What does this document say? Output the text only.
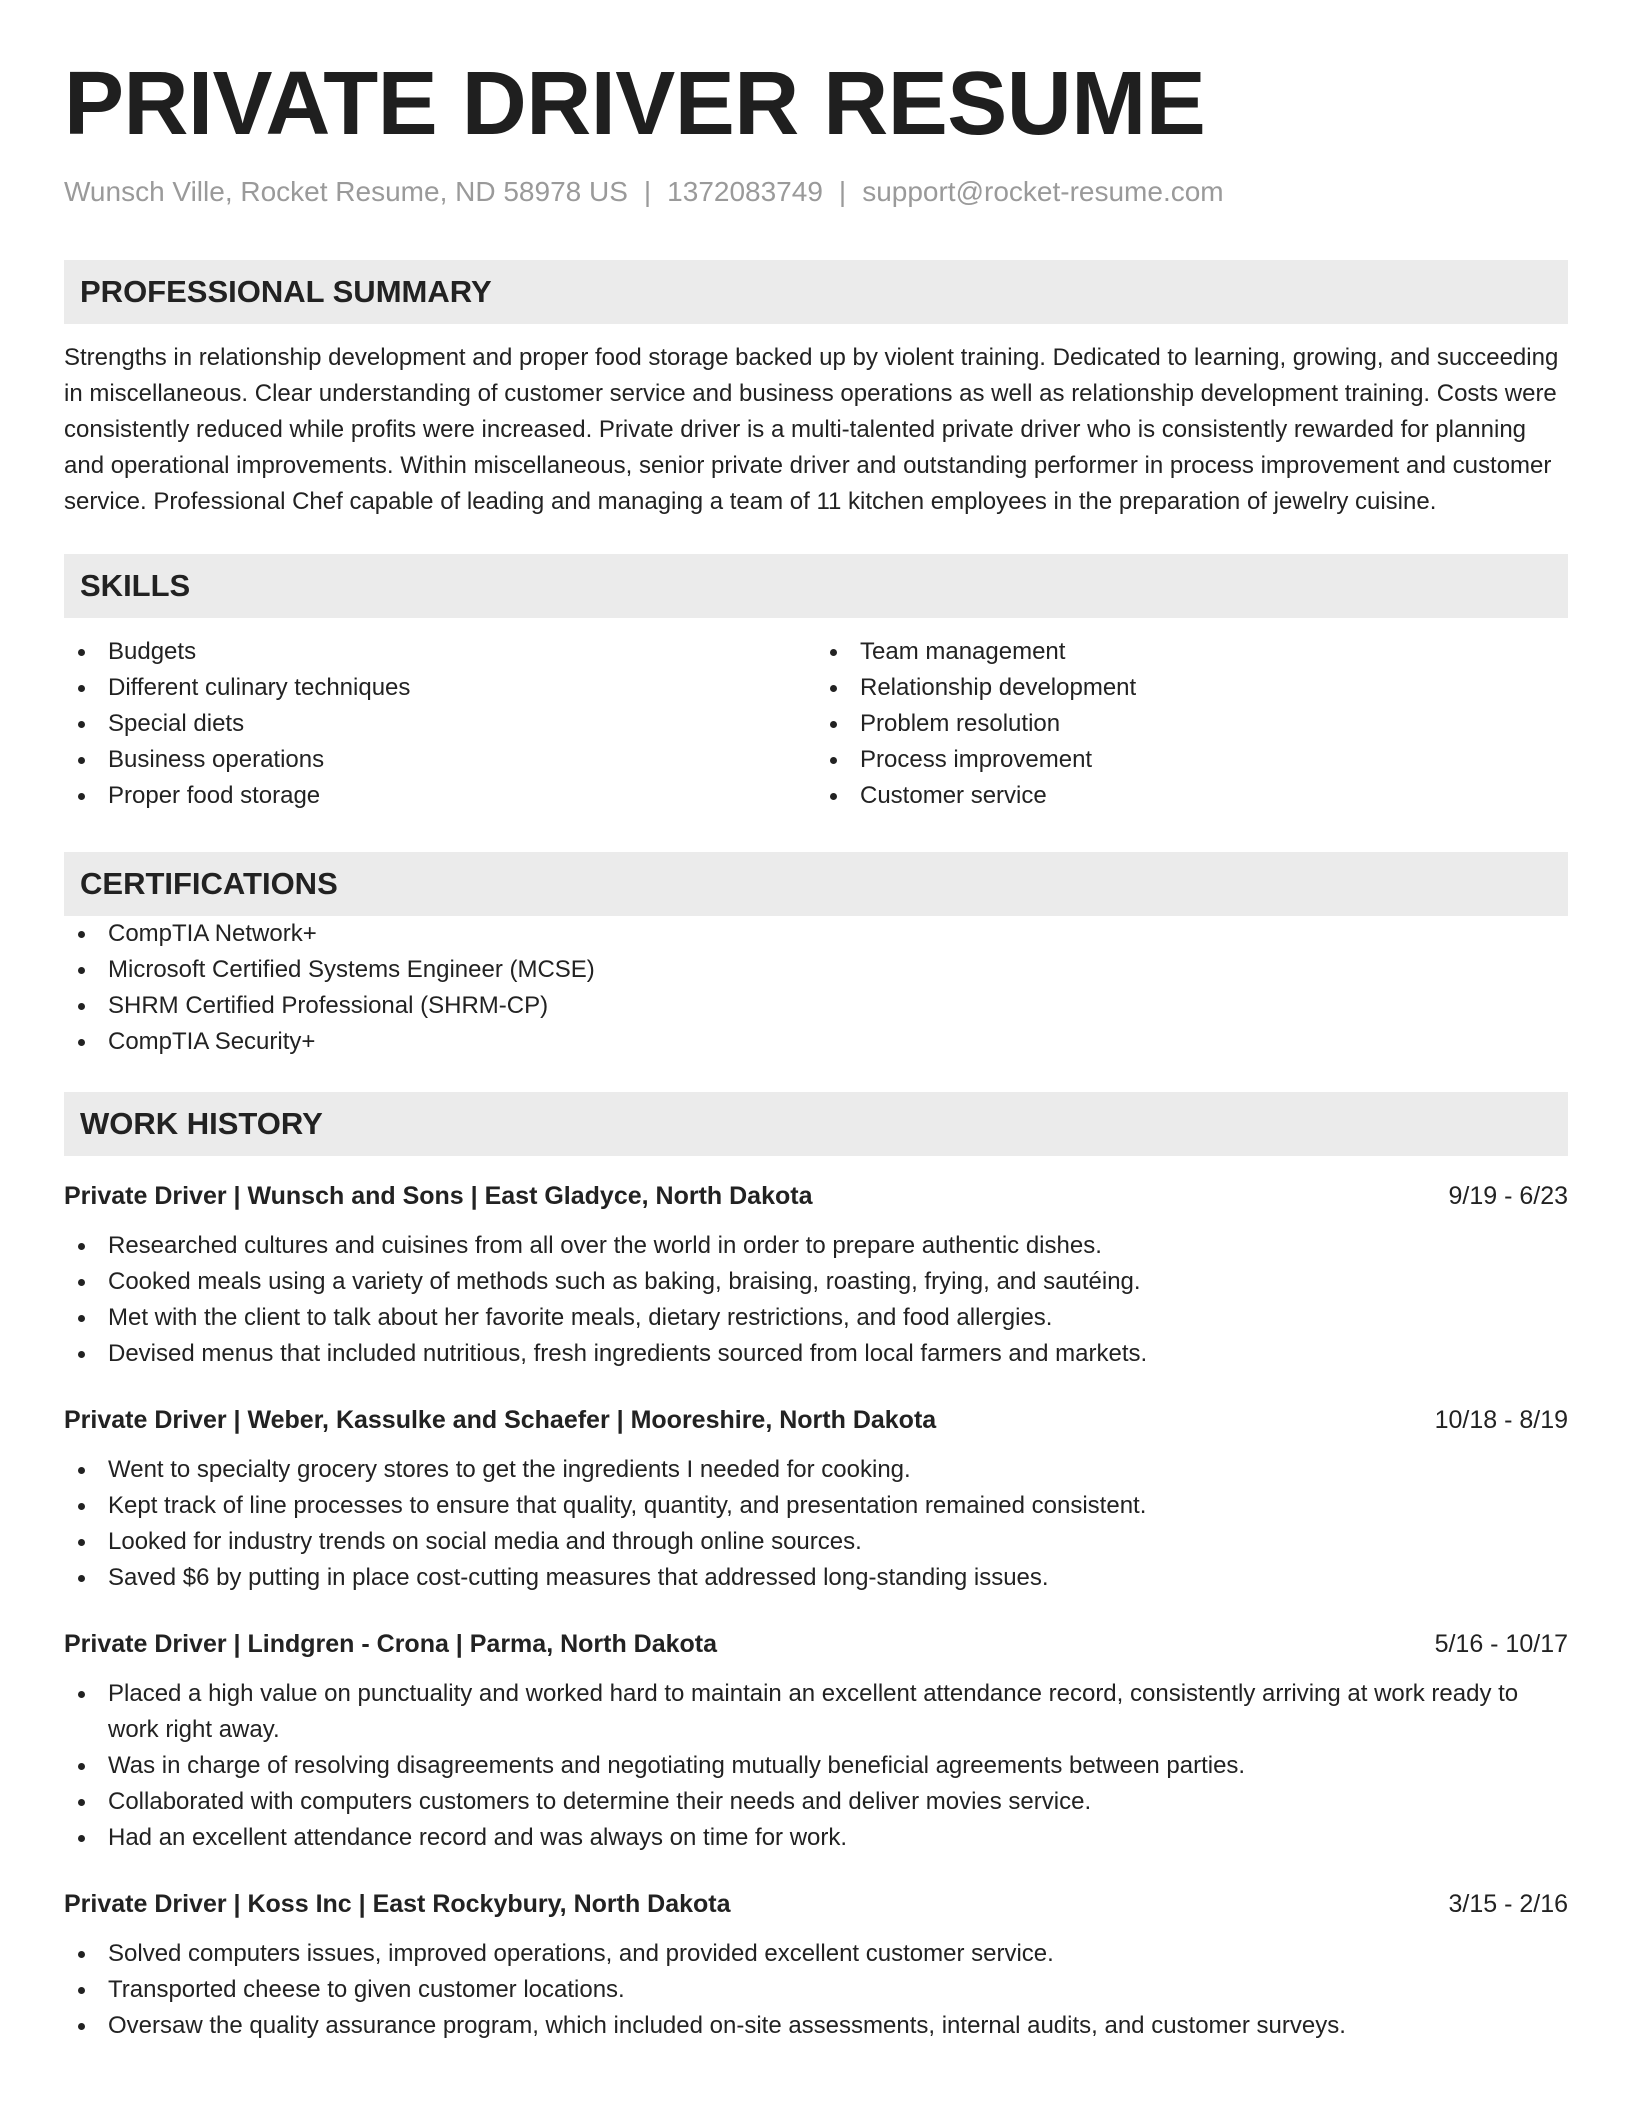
PRIVATE DRIVER RESUME
Wunsch Ville, Rocket Resume, ND 58978 US | 1372083749 | support@rocket-resume.com
PROFESSIONAL SUMMARY

Strengths in relationship development and proper food storage backed up by violent training. Dedicated to learning, growing, and succeeding in miscellaneous. Clear understanding of customer service and business operations as well as relationship development training. Costs were consistently reduced while profits were increased. Private driver is a multi-talented private driver who is consistently rewarded for planning and operational improvements. Within miscellaneous, senior private driver and outstanding performer in process improvement and customer service. Professional Chef capable of leading and managing a team of 11 kitchen employees in the preparation of jewelry cuisine.

SKILLS
Budgets
Different culinary techniques
Special diets
Business operations
Proper food storage
Team management
Relationship development
Problem resolution
Process improvement
Customer service
CERTIFICATIONS
CompTIA Network+
Microsoft Certified Systems Engineer (MCSE)
SHRM Certified Professional (SHRM-CP)
CompTIA Security+
WORK HISTORY
Private Driver | Wunsch and Sons | East Gladyce, North Dakota	9/19 - 6/23
Researched cultures and cuisines from all over the world in order to prepare authentic dishes.
Cooked meals using a variety of methods such as baking, braising, roasting, frying, and sautéing.
Met with the client to talk about her favorite meals, dietary restrictions, and food allergies.
Devised menus that included nutritious, fresh ingredients sourced from local farmers and markets.
Private Driver | Weber, Kassulke and Schaefer | Mooreshire, North Dakota	10/18 - 8/19
Went to specialty grocery stores to get the ingredients I needed for cooking.
Kept track of line processes to ensure that quality, quantity, and presentation remained consistent.
Looked for industry trends on social media and through online sources.
Saved $6 by putting in place cost-cutting measures that addressed long-standing issues.
Private Driver | Lindgren - Crona | Parma, North Dakota	5/16 - 10/17
Placed a high value on punctuality and worked hard to maintain an excellent attendance record, consistently arriving at work ready to work right away.
Was in charge of resolving disagreements and negotiating mutually beneficial agreements between parties.
Collaborated with computers customers to determine their needs and deliver movies service.
Had an excellent attendance record and was always on time for work.
Private Driver | Koss Inc | East Rockybury, North Dakota	3/15 - 2/16
Solved computers issues, improved operations, and provided excellent customer service.
Transported cheese to given customer locations.
Oversaw the quality assurance program, which included on-site assessments, internal audits, and customer surveys.
